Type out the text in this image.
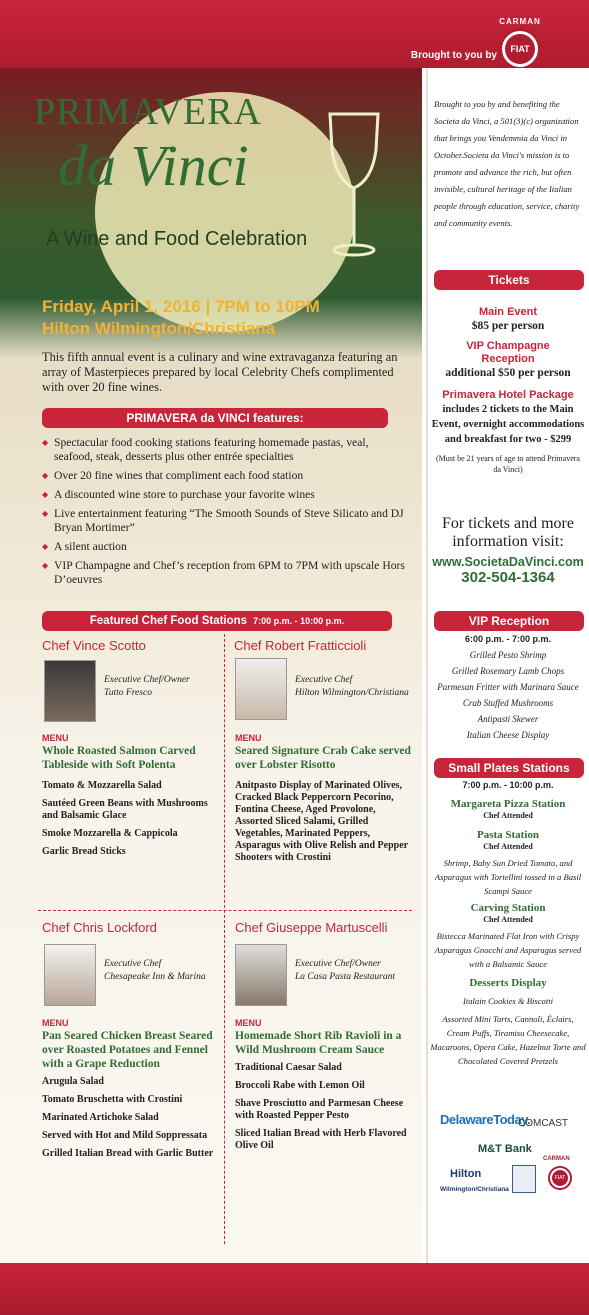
Brought to you by
CARMAN
FIAT
PRIMAVERA
da Vinci
A Wine and Food Celebration
Friday, April 1, 2016 | 7PM to 10PM
Hilton Wilmington/Christiana
This fifth annual event is a culinary and wine extravaganza featuring an array of Masterpieces prepared by local Celebrity Chefs complimented with over 20 fine wines.
PRIMAVERA da VINCI features:
◆ Spectacular food cooking stations featuring homemade pastas, veal, seafood, steak, desserts plus other entrée specialties
◆ Over 20 fine wines that compliment each food station
◆ A discounted wine store to purchase your favorite wines
◆ Live entertainment featuring “The Smooth Sounds of Steve Silicato and DJ Bryan Mortimer”
◆ A silent auction
◆ VIP Champagne and Chef’s reception from 6PM to 7PM with upscale Hors D’oeuvres
Featured Chef Food Stations 7:00 p.m. - 10:00 p.m.
Chef Vince Scotto
Executive Chef/Owner
Tutto Fresco
MENU
Whole Roasted Salmon Carved Tableside with Soft Polenta
Tomato & Mozzarella Salad
Sautéed Green Beans with Mushrooms and Balsamic Glace
Smoke Mozzarella & Cappicola
Garlic Bread Sticks
Chef Robert Fratticcioli
Executive Chef
Hilton Wilmington/Christiana
MENU
Seared Signature Crab Cake served over Lobster Risotto
Anitpasto Display of Marinated Olives, Cracked Black Peppercorn Pecorino, Fontina Cheese, Aged Provolone, Assorted Sliced Salami, Grilled Vegetables, Marinated Peppers, Asparagus with Olive Relish and Pepper Shooters with Crostini
Chef Chris Lockford
Executive Chef
Chesapeake Inn & Marina
MENU
Pan Seared Chicken Breast Seared over Roasted Potatoes and Fennel with a Grape Reduction
Arugula Salad
Tomato Bruschetta with Crostini
Marinated Artichoke Salad
Served with Hot and Mild Soppressata
Grilled Italian Bread with Garlic Butter
Chef Giuseppe Martuscelli
Executive Chef/Owner
La Casa Pasta Restaurant
MENU
Homemade Short Rib Ravioli in a Wild Mushroom Cream Sauce
Traditional Caesar Salad
Broccoli Rabe with Lemon Oil
Shave Prosciutto and Parmesan Cheese with Roasted Pepper Pesto
Sliced Italian Bread with Herb Flavored Olive Oil
Brought to you by and benefiting the Societa da Vinci, a 501(3)(c) organization that brings you Vendemmia da Vinci in October.Societa da Vinci's mission is to promote and advance the rich, but often invisible, cultural heritage of the Italian people through education, service, charity and community events.
Tickets
Main Event
$85 per person
VIP Champagne Reception
additional $50 per person
Primavera Hotel Package
includes 2 tickets to the Main Event, overnight accommodations and breakfast for two - $299
(Must be 21 years of age to attend Primavera da Vinci)
For tickets and more information visit:
www.SocietaDaVinci.com
302-504-1364
VIP Reception
6:00 p.m. - 7:00 p.m.
Grilled Pesto Shrimp
Grilled Rosemary Lamb Chops
Parmesan Fritter with Marinara Sauce
Crab Stuffed Mushrooms
Antipasti Skewer
Italian Cheese Display
Small Plates Stations
7:00 p.m. - 10:00 p.m.
Margareta Pizza Station
Chef Attended
Pasta Station
Chef Attended
Shrimp, Baby Sun Dried Tomato, and Asparagus with Tortellini tossed in a Basil Scampi Sauce
Carving Station
Chef Attended
Bistecca Marinated Flat Iron with Crispy Asparagus Gnocchi and Asparagus served with a Balsamic Sauce
Desserts Display
Italain Cookies & Biscotti
Assorted Mini Tarts, Cannoli, Éclairs, Cream Puffs, Tiramisu Cheesecake, Macaroons, Opera Cake, Hazelnut Torte and Chocolated Covered Pretzels
DelawareToday.
COMCAST
M&T Bank
Hilton
Wilmington/Christiana
FIAT
CARMAN
